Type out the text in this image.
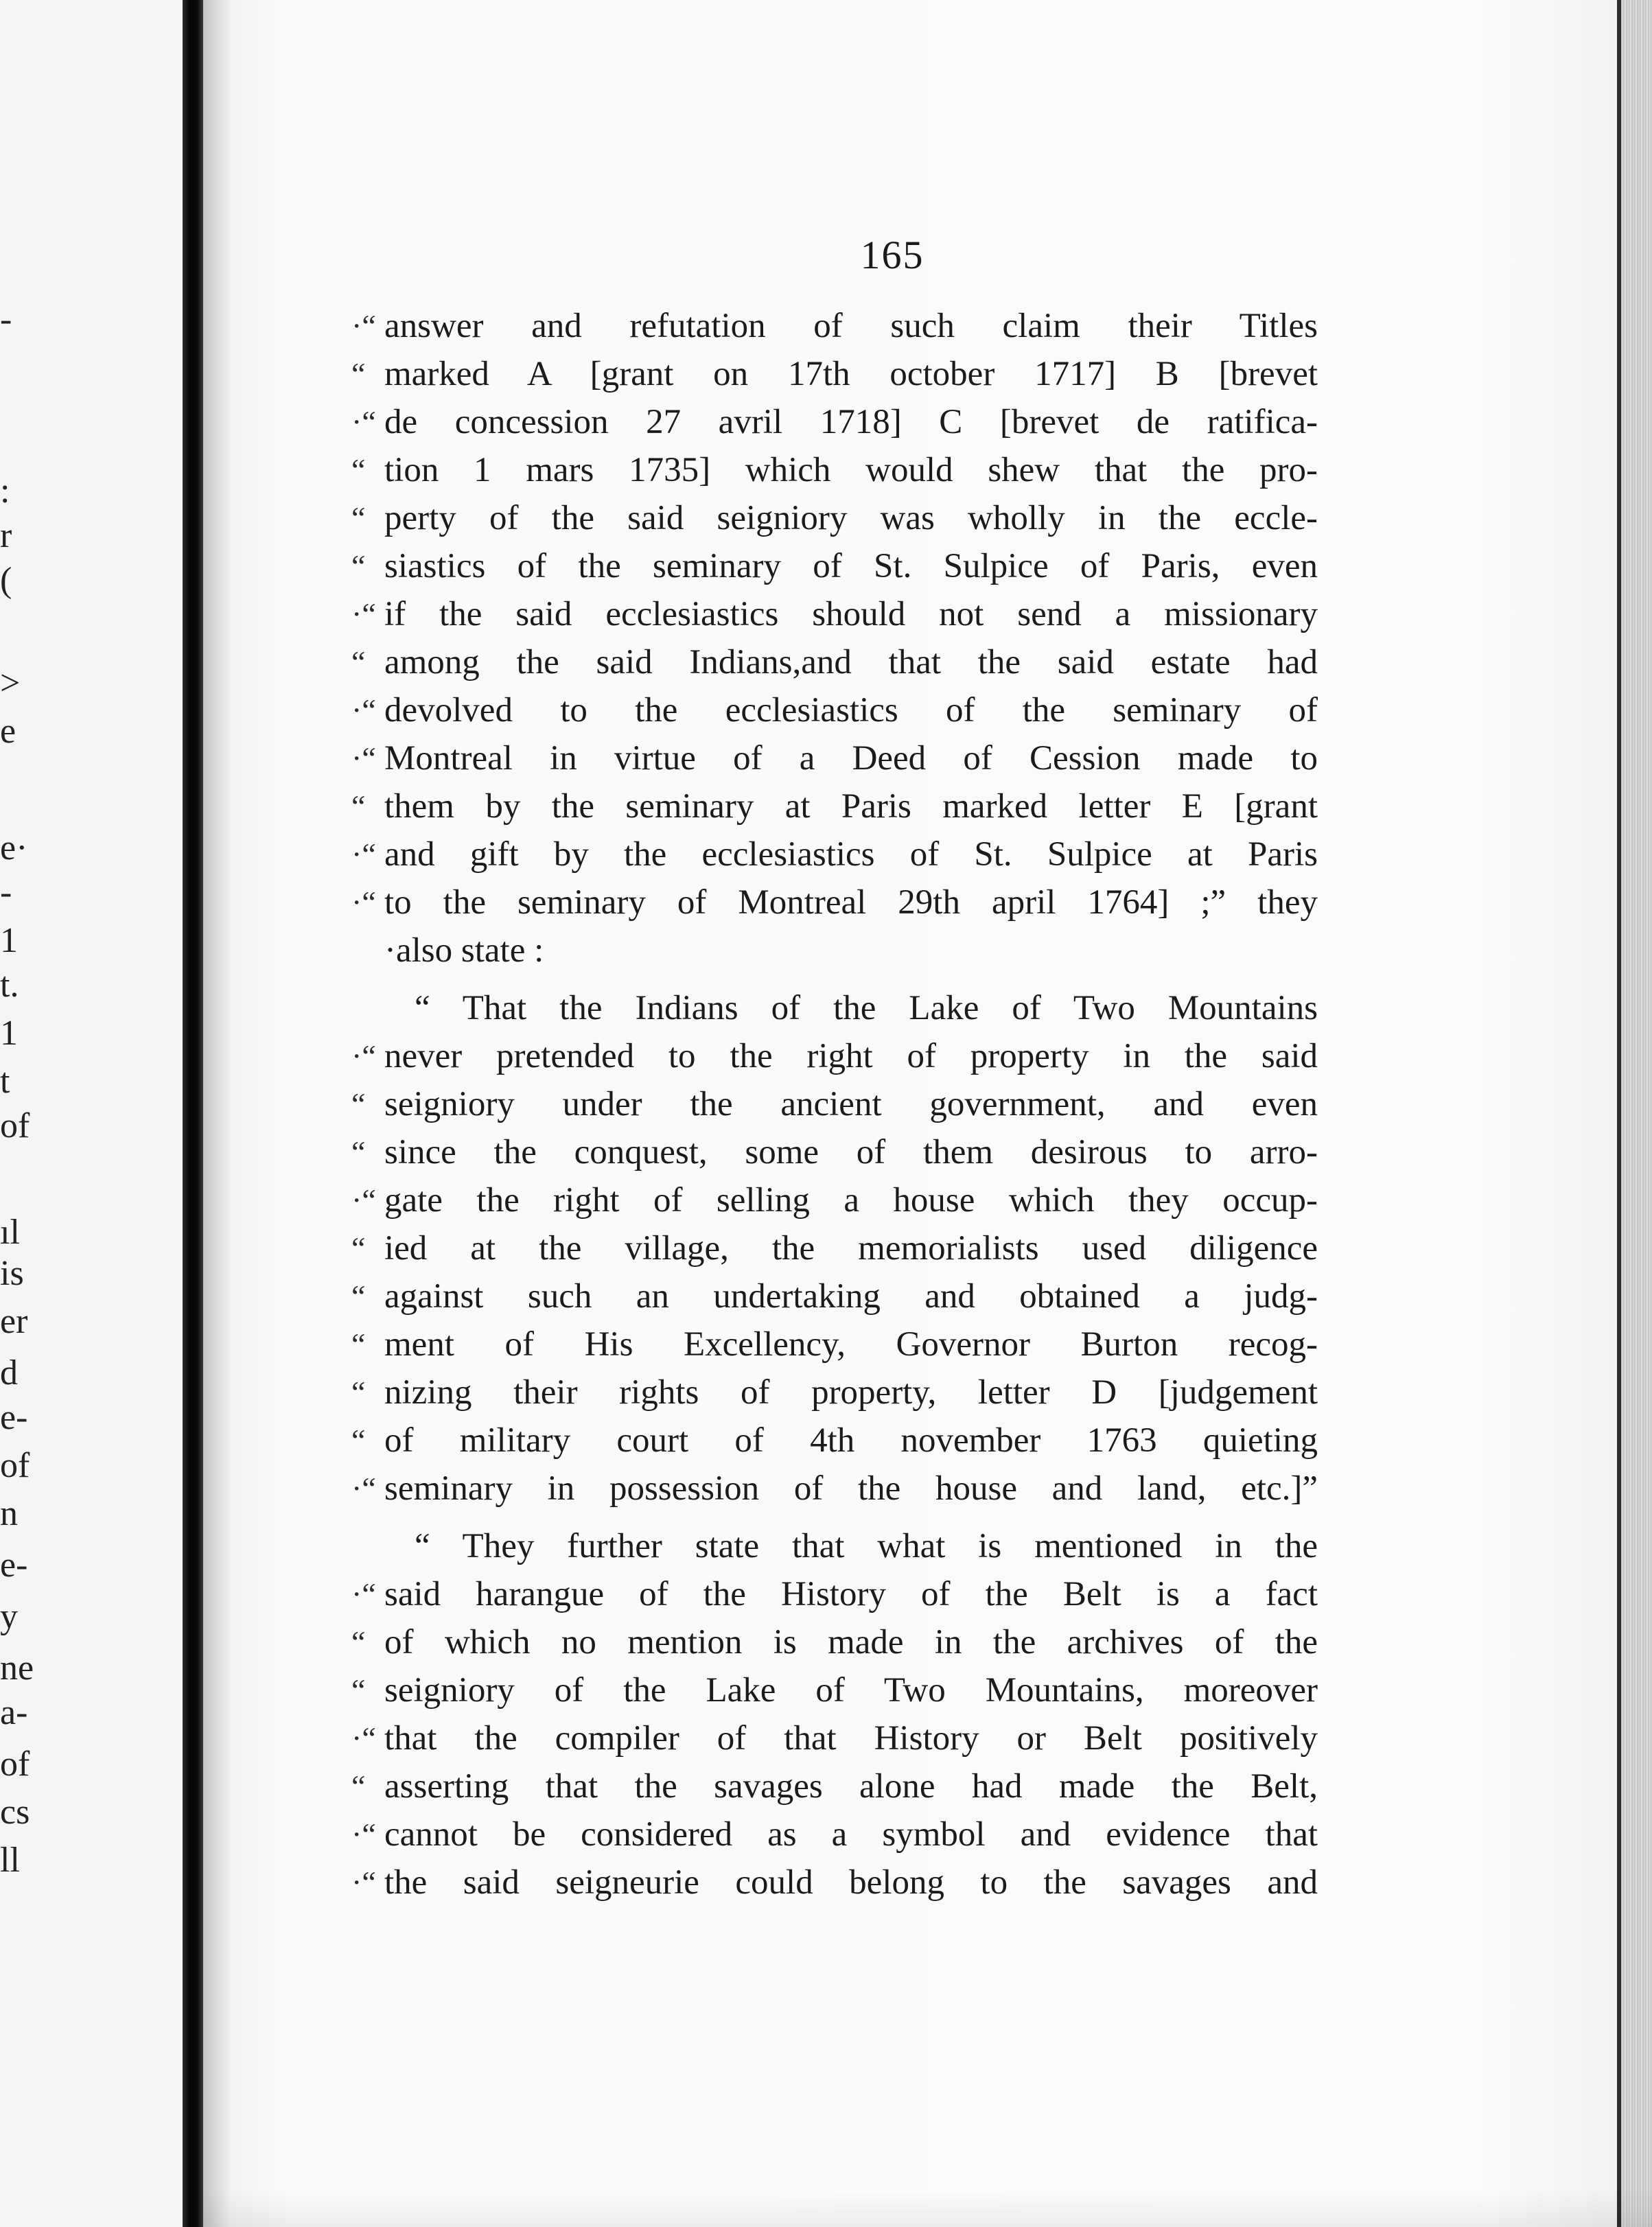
-
:
r
(
>
e
e·
-
1
t.
1
t
of
ıl
is
er
d
e-
of
n
e-
y
ne
a-
of
cs
ll
165
·“ answer and refutation of such claim their Titles
“ marked A [grant on 17th october 1717] B [brevet
·“ de concession 27 avril 1718] C [brevet de ratifica-
“ tion 1 mars 1735] which would shew that the pro-
“ perty of the said seigniory was wholly in the eccle-
“ siastics of the seminary of St. Sulpice of Paris, even
·“ if the said ecclesiastics should not send a missionary
“ among the said Indians,and that the said estate had
·“ devolved to the ecclesiastics of the seminary of
·“ Montreal in virtue of a Deed of Cession made to
“ them by the seminary at Paris marked letter E [grant
·“ and gift by the ecclesiastics of St. Sulpice at Paris
·“ to the seminary of Montreal 29th april 1764] ;” they
·also state :
“ That the Indians of the Lake of Two Mountains
·“ never pretended to the right of property in the said
“ seigniory under the ancient government, and even
“ since the conquest, some of them desirous to arro-
·“ gate the right of selling a house which they occup-
“ ied at the village, the memorialists used diligence
“ against such an undertaking and obtained a judg-
“ ment of His Excellency, Governor Burton recog-
“ nizing their rights of property, letter D [judgement
“ of military court of 4th november 1763 quieting
·“ seminary in possession of the house and land, etc.]”
“ They further state that what is mentioned in the
·“ said harangue of the History of the Belt is a fact
“ of which no mention is made in the archives of the
“ seigniory of the Lake of Two Mountains, moreover
·“ that the compiler of that History or Belt positively
“ asserting that the savages alone had made the Belt,
·“ cannot be considered as a symbol and evidence that
·“ the said seigneurie could belong to the savages and
